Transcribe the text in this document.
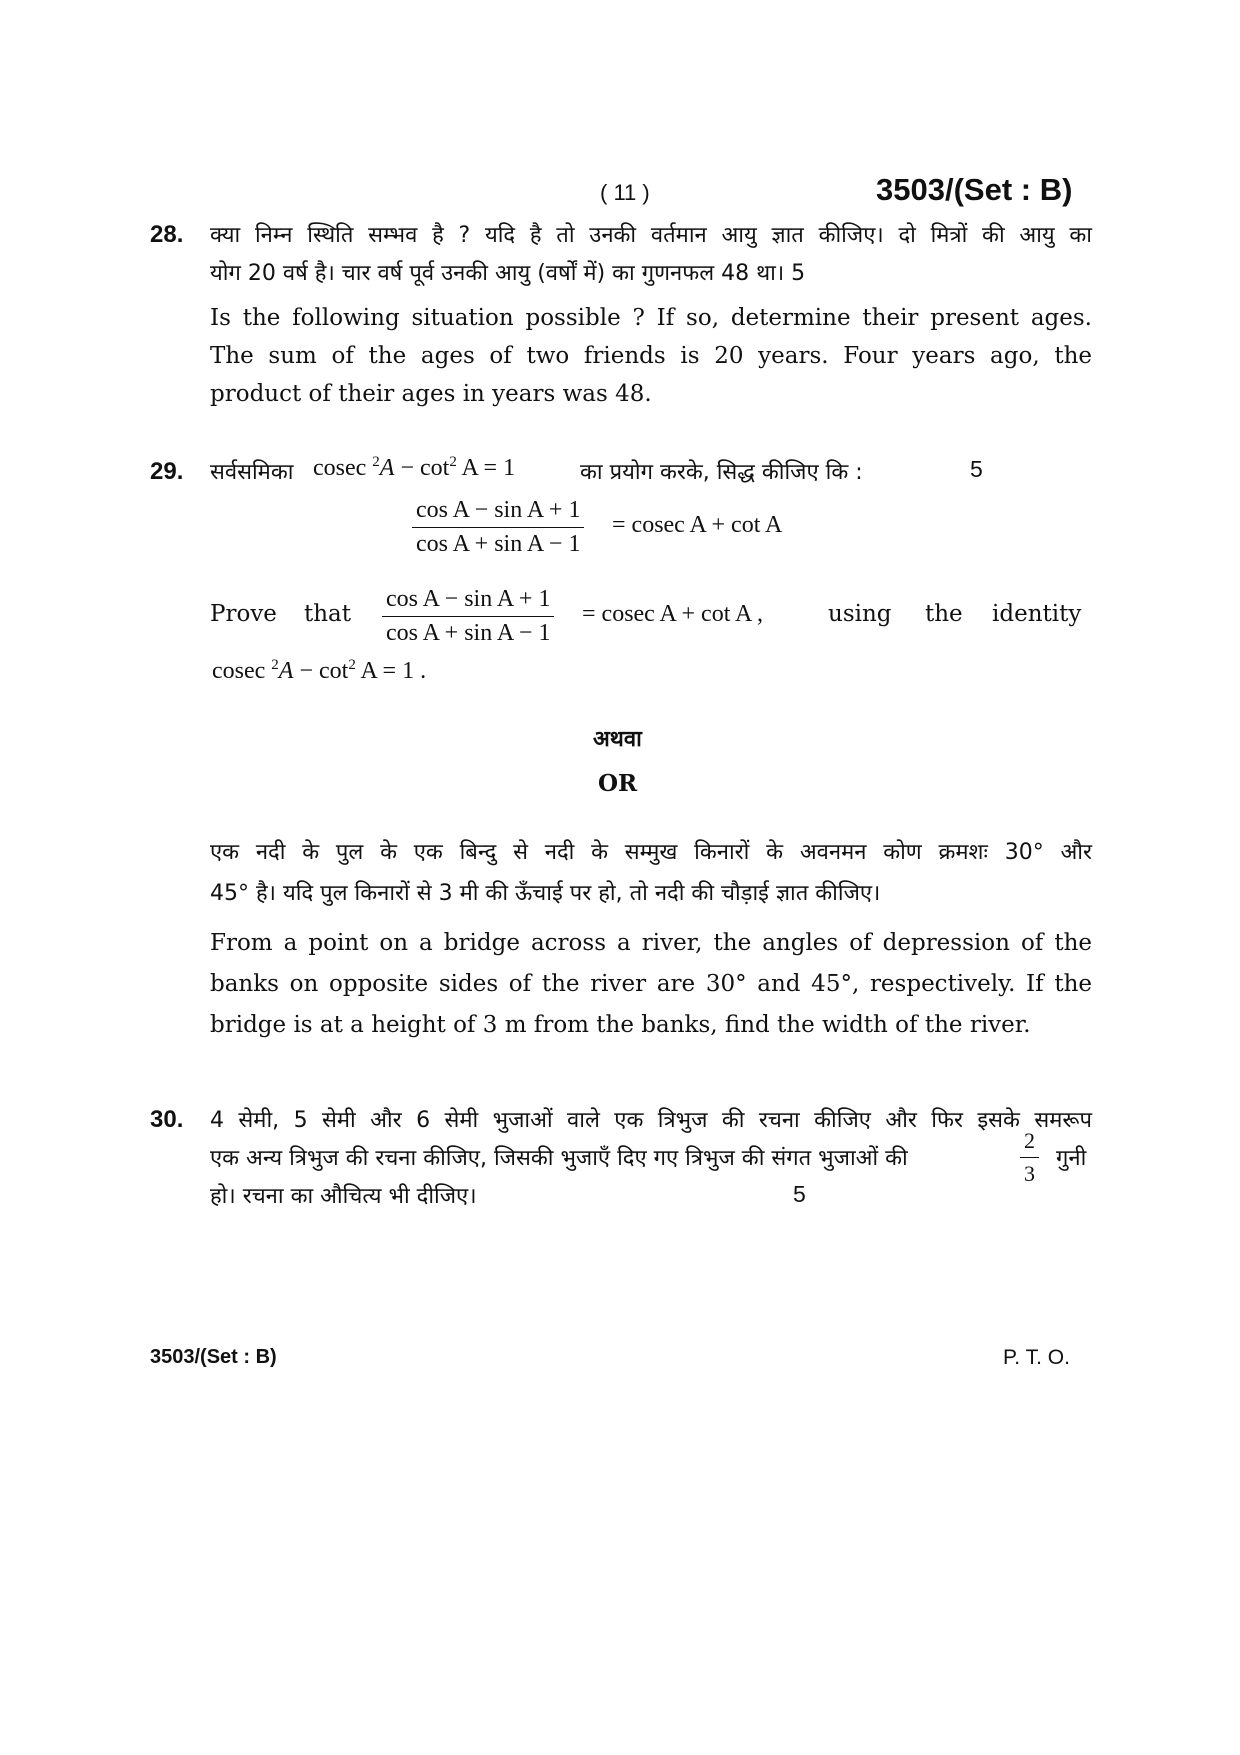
( 11 )	3503/(Set : B)
28. क्या निम्न स्थिति सम्भव है ? यदि है तो उनकी वर्तमान आयु ज्ञात कीजिए। दो मित्रों की आयु का
योग 20 वर्ष है। चार वर्ष पूर्व उनकी आयु (वर्षों में) का गुणनफल 48 था। 5
Is the following situation possible ? If so, determine their present ages.
The sum of the ages of two friends is 20 years. Four years ago, the
product of their ages in years was 48.
29. सर्वसमिका cosec $^2A - \cot^2 A = 1$	का प्रयोग करके, सिद्ध कीजिए कि :	5
$\frac{\text{cos A − sin A + 1}}{\text{cos A + sin A − 1}} = cosec$ A + cot A
Prove that $\frac{\text{cos A − sin A + 1}}{\text{cos A + sin A − 1}} = cosec$ A + cot A ,	using the identity
cosec $^2A - \cot^2 A = 1$ .
अथवा
OR
एक नदी के पुल के एक बिन्दु से नदी के सम्मुख किनारों के अवनमन कोण क्रमशः 30° और
45° है। यदि पुल किनारों से 3 मी की ऊँचाई पर हो, तो नदी की चौड़ाई ज्ञात कीजिए।
From a point on a bridge across a river, the angles of depression of the
banks on opposite sides of the river are 30° and 45°, respectively. If the
bridge is at a height of 3 m from the banks, find the width of the river.
30. 4 सेमी, 5 सेमी और 6 सेमी भुजाओं वाले एक त्रिभुज की रचना कीजिए और फिर इसके समरूप
एक अन्य त्रिभुज की रचना कीजिए, जिसकी भुजाएँ दिए गए त्रिभुज की संगत भुजाओं की	$\frac{2}{3}$ गुनी
हो। रचना का औचित्य भी दीजिए।	5
3503/(Set : B)	P. T. O.
